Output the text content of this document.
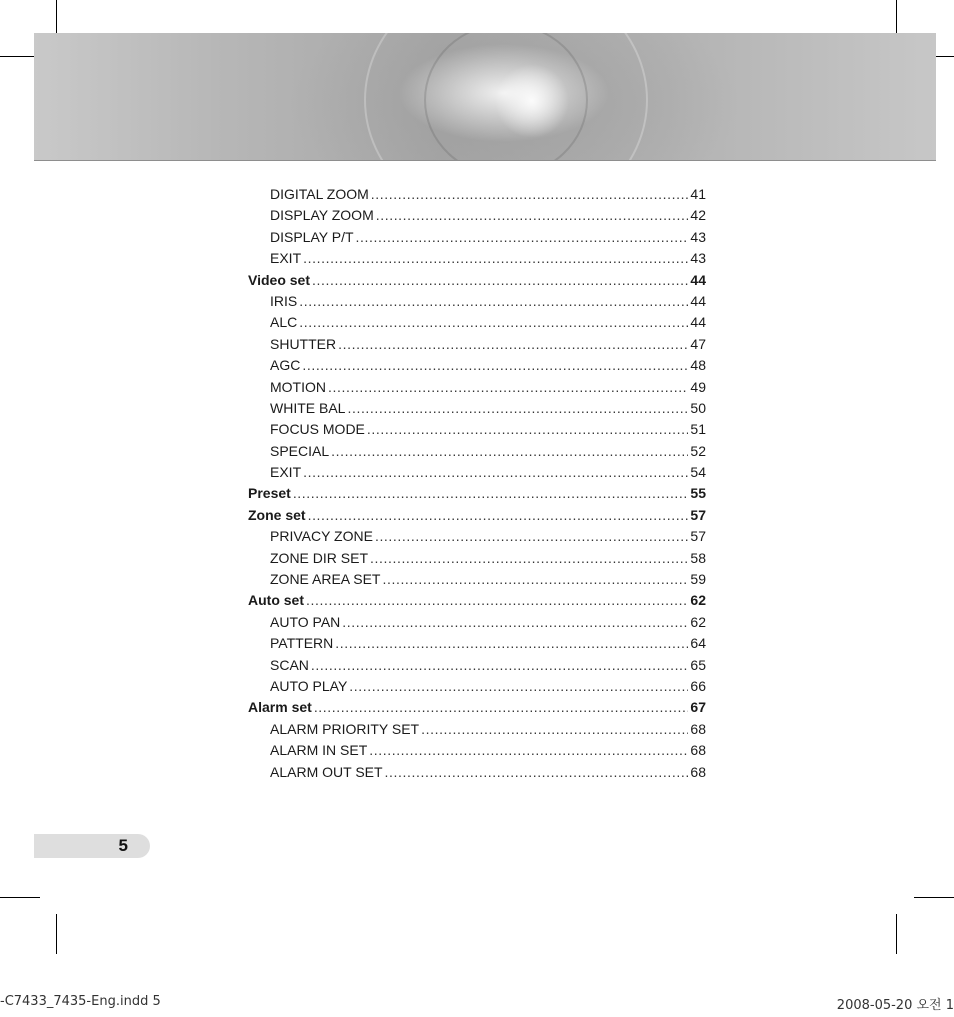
DIGITAL ZOOM .....	41
DISPLAY ZOOM .....	42
DISPLAY P/T .....	43
EXIT .....	43
Video set .....	44
IRIS .....	44
ALC .....	44
SHUTTER .....	47
AGC .....	48
MOTION .....	49
WHITE BAL .....	50
FOCUS MODE .....	51
SPECIAL .....	52
EXIT .....	54
Preset .....	55
Zone set .....	57
PRIVACY ZONE .....	57
ZONE DIR SET .....	58
ZONE AREA SET .....	59
Auto set .....	62
AUTO PAN .....	62
PATTERN .....	64
SCAN .....	65
AUTO PLAY .....	66
Alarm set .....	67
ALARM PRIORITY SET .....	68
ALARM IN SET .....	68
ALARM OUT SET .....	68
5
-C7433_7435-Eng.indd 5	2008-05-20 오전 1
